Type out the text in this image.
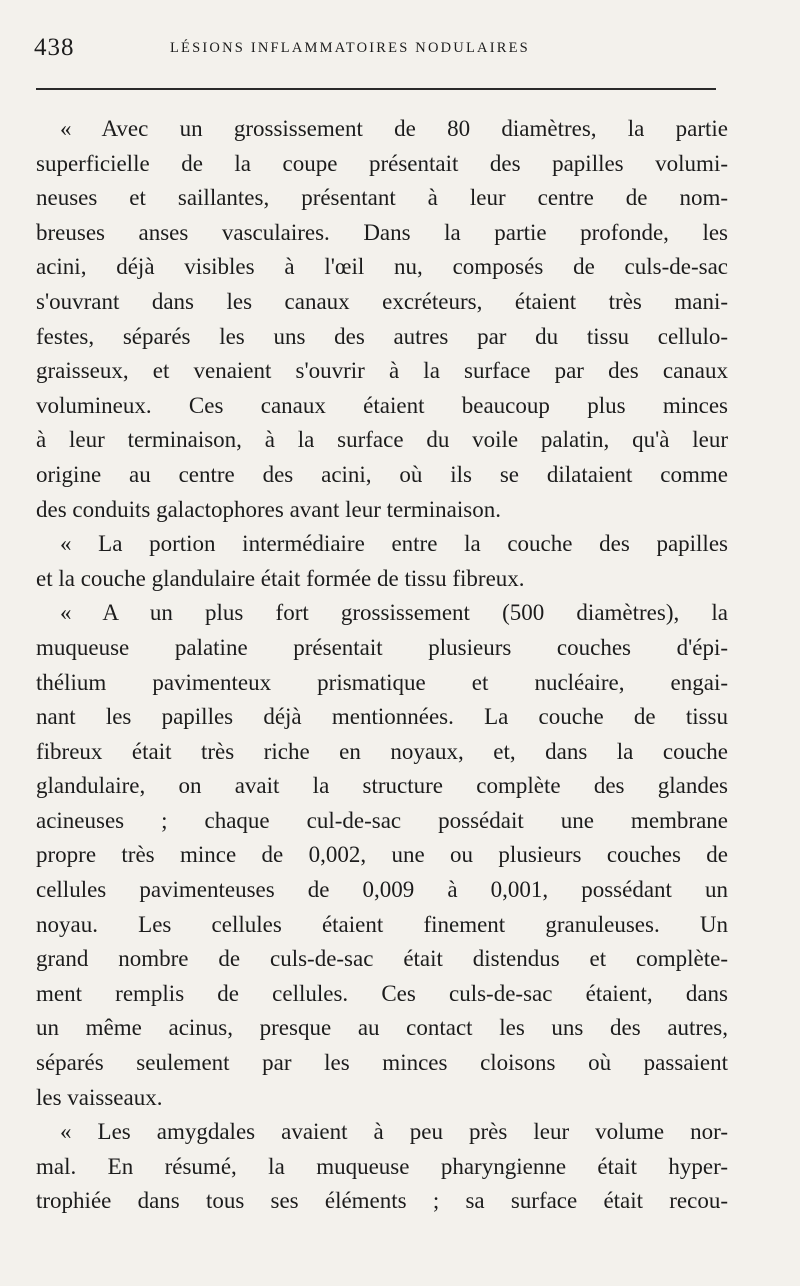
438	LÉSIONS INFLAMMATOIRES NODULAIRES

« Avec un grossissement de 80 diamètres, la partie
superficielle de la coupe présentait des papilles volumi-
neuses et saillantes, présentant à leur centre de nom-
breuses anses vasculaires. Dans la partie profonde, les
acini, déjà visibles à l'œil nu, composés de culs-de-sac
s'ouvrant dans les canaux excréteurs, étaient très mani-
festes, séparés les uns des autres par du tissu cellulo-
graisseux, et venaient s'ouvrir à la surface par des canaux
volumineux. Ces canaux étaient beaucoup plus minces
à leur terminaison, à la surface du voile palatin, qu'à leur
origine au centre des acini, où ils se dilataient comme
des conduits galactophores avant leur terminaison.

« La portion intermédiaire entre la couche des papilles
et la couche glandulaire était formée de tissu fibreux.

« A un plus fort grossissement (500 diamètres), la
muqueuse palatine présentait plusieurs couches d'épi-
thélium pavimenteux prismatique et nucléaire, engai-
nant les papilles déjà mentionnées. La couche de tissu
fibreux était très riche en noyaux, et, dans la couche
glandulaire, on avait la structure complète des glandes
acineuses ; chaque cul-de-sac possédait une membrane
propre très mince de 0,002, une ou plusieurs couches de
cellules pavimenteuses de 0,009 à 0,001, possédant un
noyau. Les cellules étaient finement granuleuses. Un
grand nombre de culs-de-sac était distendus et complète-
ment remplis de cellules. Ces culs-de-sac étaient, dans
un même acinus, presque au contact les uns des autres,
séparés seulement par les minces cloisons où passaient
les vaisseaux.

« Les amygdales avaient à peu près leur volume nor-
mal. En résumé, la muqueuse pharyngienne était hyper-
trophiée dans tous ses éléments ; sa surface était recou-
